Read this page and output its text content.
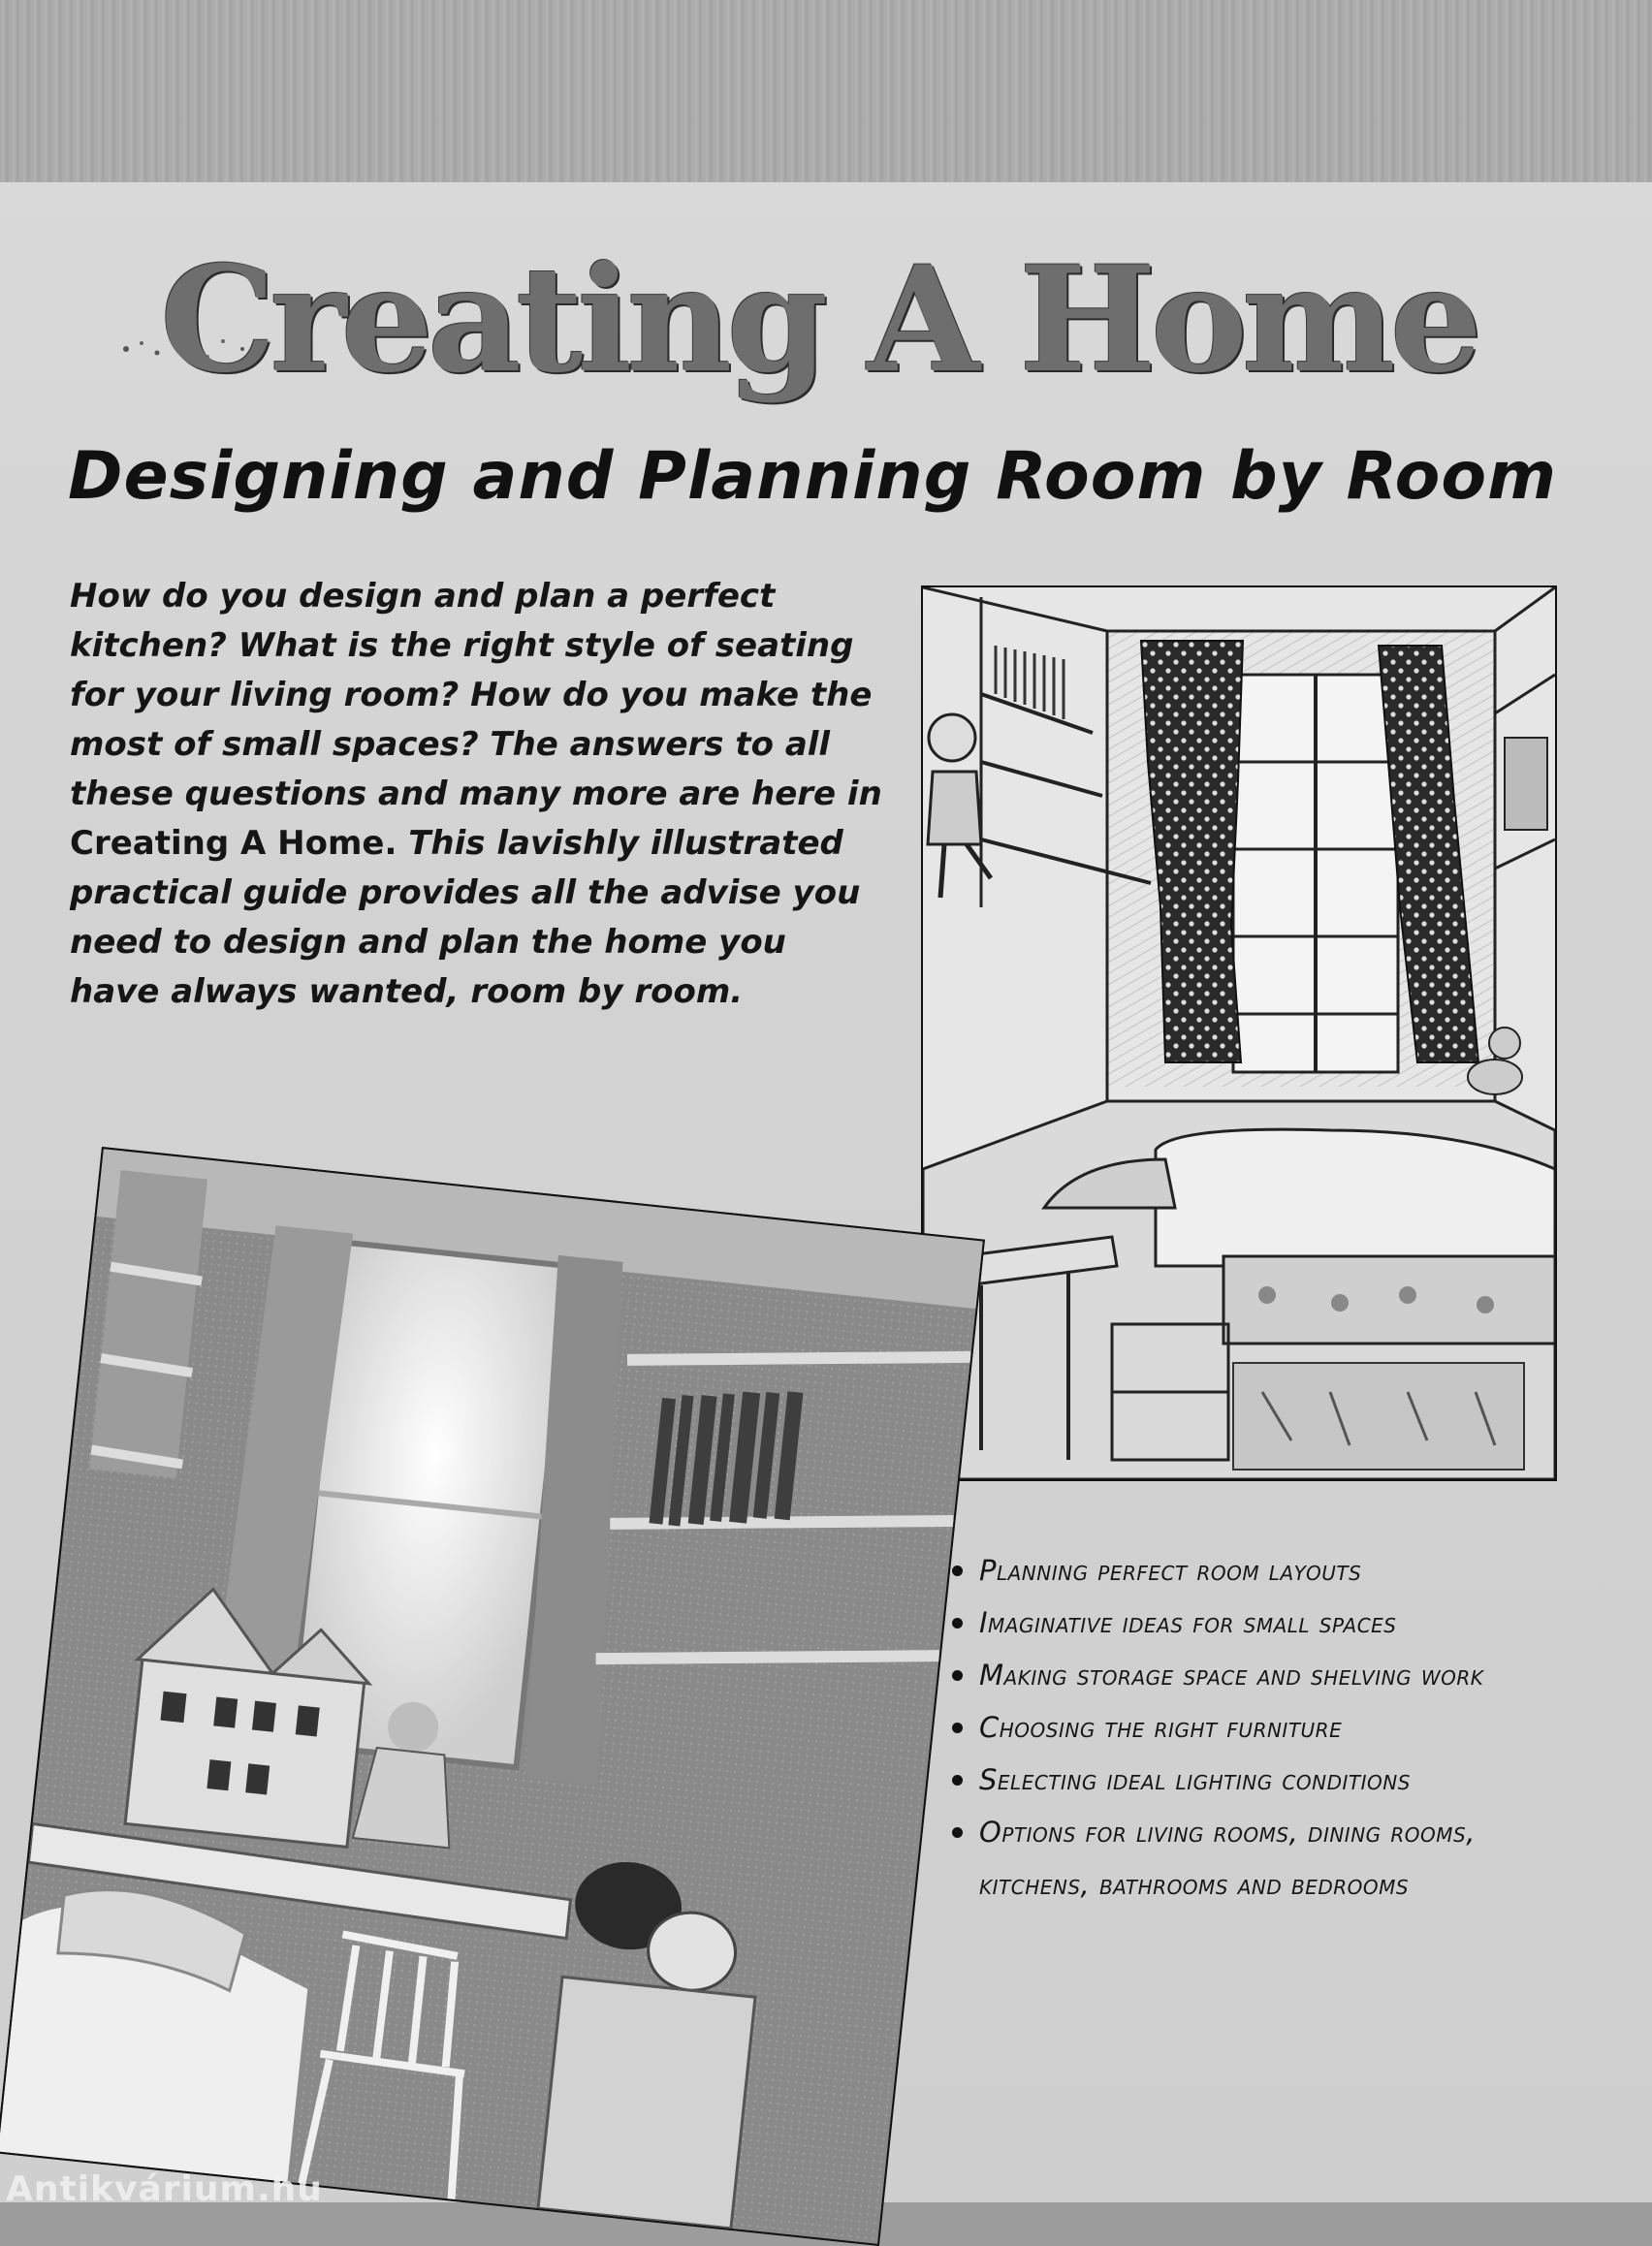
Creating A Home
Designing and Planning Room by Room

How do you design and plan a perfect kitchen? What is the right style of seating for your living room? How do you make the most of small spaces? The answers to all these questions and many more are here in Creating A Home. This lavishly illustrated practical guide provides all the advise you need to design and plan the home you have always wanted, room by room.

Planning perfect room layouts
Imaginative ideas for small spaces
Making storage space and shelving work
Choosing the right furniture
Selecting ideal lighting conditions
Options for living rooms, dining rooms, kitchens, bathrooms and bedrooms

Antikvárium.hu
